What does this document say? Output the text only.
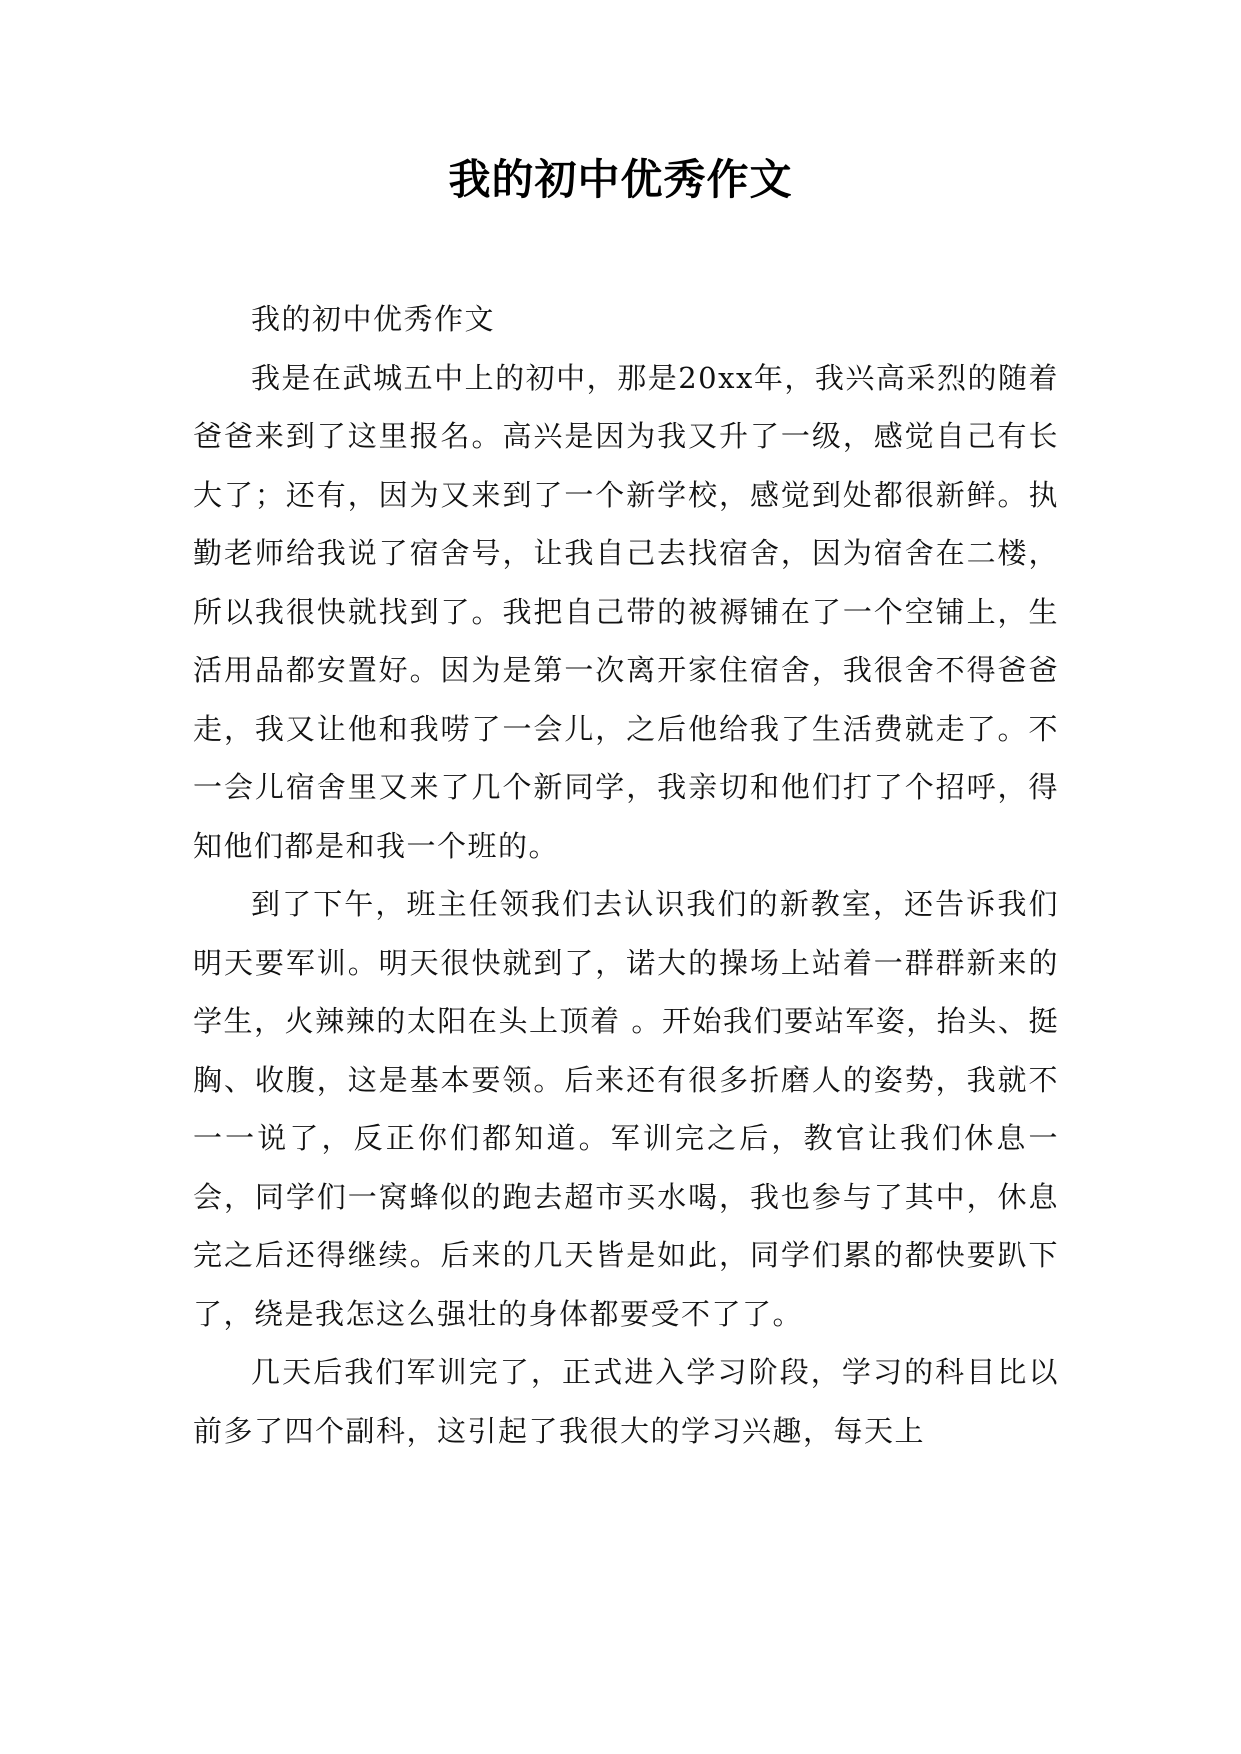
我的初中优秀作文

我的初中优秀作文

我是在武城五中上的初中，那是20xx年，我兴高采烈的随着爸爸来到了这里报名。高兴是因为我又升了一级，感觉自己有长大了；还有，因为又来到了一个新学校，感觉到处都很新鲜。执勤老师给我说了宿舍号，让我自己去找宿舍，因为宿舍在二楼，所以我很快就找到了。我把自己带的被褥铺在了一个空铺上，生活用品都安置好。因为是第一次离开家住宿舍，我很舍不得爸爸走，我又让他和我唠了一会儿，之后他给我了生活费就走了。不一会儿宿舍里又来了几个新同学，我亲切和他们打了个招呼，得知他们都是和我一个班的。

到了下午，班主任领我们去认识我们的新教室，还告诉我们明天要军训。明天很快就到了，诺大的操场上站着一群群新来的学生，火辣辣的太阳在头上顶着 。开始我们要站军姿，抬头、挺胸、收腹，这是基本要领。后来还有很多折磨人的姿势，我就不一一说了，反正你们都知道。军训完之后，教官让我们休息一会，同学们一窝蜂似的跑去超市买水喝，我也参与了其中，休息完之后还得继续。后来的几天皆是如此，同学们累的都快要趴下了，绕是我怎这么强壮的身体都要受不了了。

几天后我们军训完了，正式进入学习阶段，学习的科目比以前多了四个副科，这引起了我很大的学习兴趣，每天上
